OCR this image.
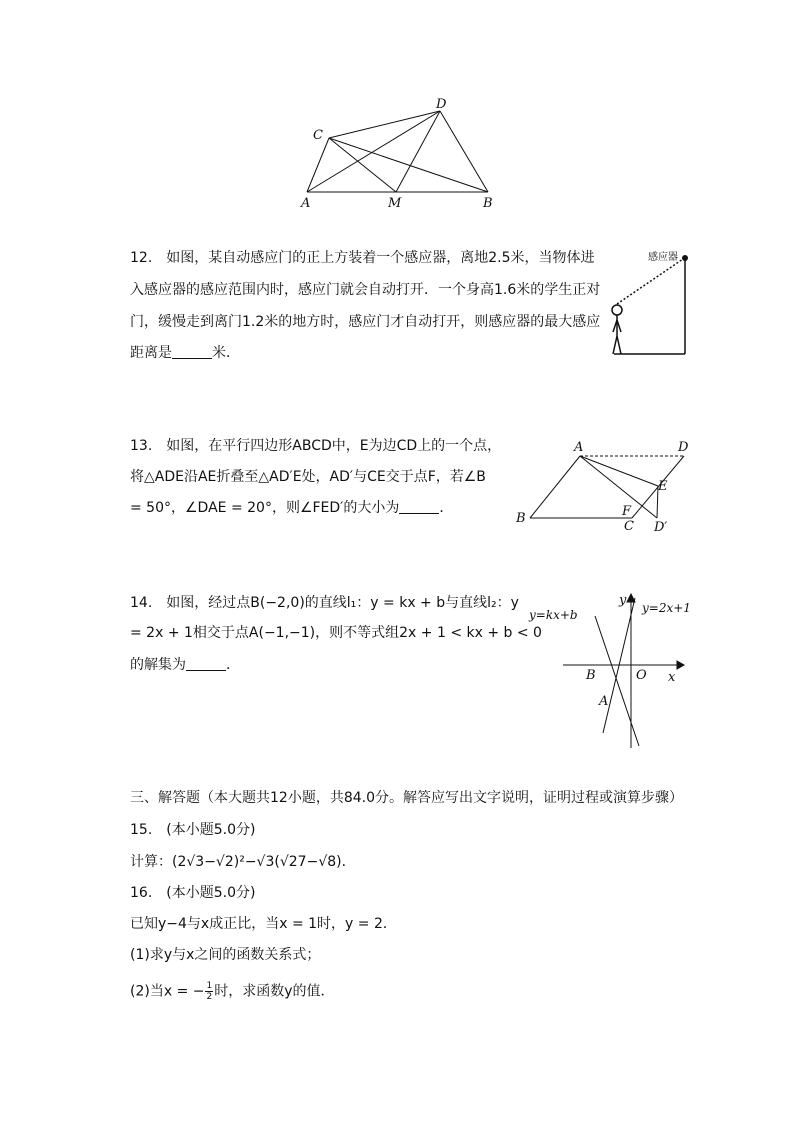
C
D
A	M	B
12.　如图，某自动感应门的正上方装着一个感应器，离地2.5米，当物体进
入感应器的感应范围内时，感应门就会自动打开．一个身高1.6米的学生正对
门，缓慢走到离门1.2米的地方时，感应门才自动打开，则感应器的最大感应
距离是	米．
感应器
13.　如图，在平行四边形ABCD中，E为边CD上的一个点，
将△ADE沿AE折叠至△AD′E处，AD′与CE交于点F，若∠B
= 50°，∠DAE = 20°，则∠FED′的大小为	．
A	D
E
B	F
C D′
14.　如图，经过点B(−2,0)的直线l₁：y = kx + b与直线l₂：y
= 2x + 1相交于点A(−1,−1)，则不等式组2x + 1 < kx + b < 0
的解集为	．
y
y=kx+b	y=2x+1
B	O x
A
三、解答题（本大题共12小题，共84.0分。解答应写出文字说明，证明过程或演算步骤）
15.　(本小题5.0分)
计算：(2√3−√2)²−√3(√27−√8)．
16.　(本小题5.0分)
已知y−4与x成正比，当x = 1时，y = 2．
(1)求y与x之间的函数关系式；
(2)当x = − $\frac{1}{2}$ 时，求函数y的值．
